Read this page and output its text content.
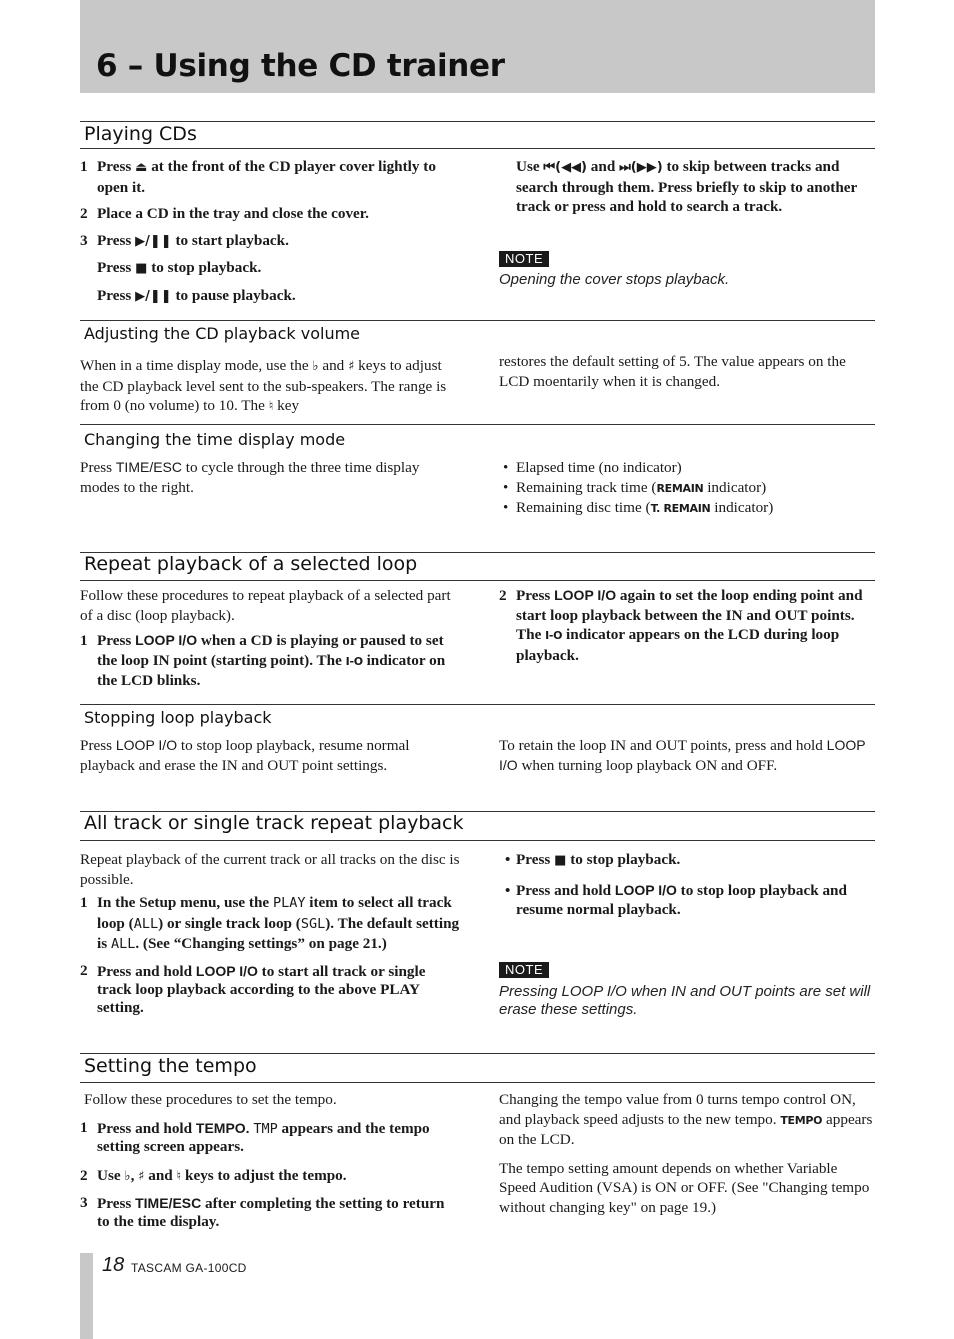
6 – Using the CD trainer
Playing CDs

1 Press ⏏ at the front of the CD player cover lightly to open it.

2 Place a CD in the tray and close the cover.

3 Press ▶/❚❚ to start playback.

Press ■ to stop playback.

Press ▶/❚❚ to pause playback.

Use ⏮(◀◀) and ⏭(▶▶) to skip between tracks and search through them. Press briefly to skip to another track or press and hold to search a track.

NOTE
Opening the cover stops playback.
Adjusting the CD playback volume

When in a time display mode, use the ♭ and ♯ keys to adjust the CD playback level sent to the sub-speakers. The range is from 0 (no volume) to 10. The ♮ key

restores the default setting of 5. The value appears on the LCD moentarily when it is changed.

Changing the time display mode

Press TIME/ESC to cycle through the three time display modes to the right.

• Elapsed time (no indicator)
• Remaining track time (REMAIN indicator)
• Remaining disc time (T. REMAIN indicator)
Repeat playback of a selected loop

Follow these procedures to repeat playback of a selected part of a disc (loop playback).

1 Press LOOP I/O when a CD is playing or paused to set the loop IN point (starting point). The I-O indicator on the LCD blinks.

2 Press LOOP I/O again to set the loop ending point and start loop playback between the IN and OUT points. The I-O indicator appears on the LCD during loop playback.

Stopping loop playback

Press LOOP I/O to stop loop playback, resume normal playback and erase the IN and OUT point settings.

To retain the loop IN and OUT points, press and hold LOOP I/O when turning loop playback ON and OFF.

All track or single track repeat playback

Repeat playback of the current track or all tracks on the disc is possible.

1 In the Setup menu, use the PLAY item to select all track loop (ALL) or single track loop (SGL). The default setting is ALL. (See “Changing settings” on page 21.)

2 Press and hold LOOP I/O to start all track or single track loop playback according to the above PLAY setting.

• Press ■ to stop playback.

• Press and hold LOOP I/O to stop loop playback and resume normal playback.

NOTE
Pressing LOOP I/O when IN and OUT points are set will erase these settings.
Setting the tempo

Follow these procedures to set the tempo.

1 Press and hold TEMPO. TMP appears and the tempo setting screen appears.

2 Use ♭, ♯ and ♮ keys to adjust the tempo.

3 Press TIME/ESC after completing the setting to return to the time display.

Changing the tempo value from 0 turns tempo control ON, and playback speed adjusts to the new tempo. TEMPO appears on the LCD.

The tempo setting amount depends on whether Variable Speed Audition (VSA) is ON or OFF. (See "Changing tempo without changing key" on page 19.)

18 TASCAM GA-100CD
